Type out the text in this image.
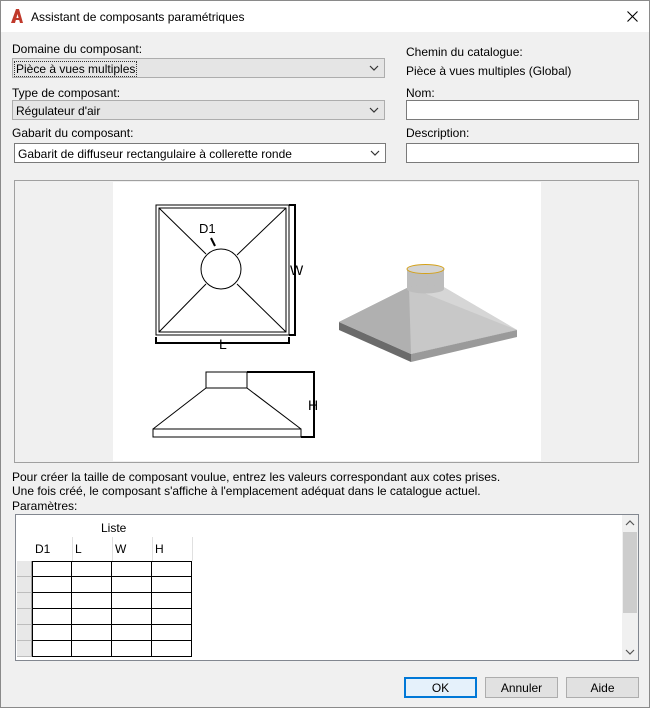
Assistant de composants paramétriques
Domaine du composant:
Pièce à vues multiples
Type de composant:
Régulateur d'air
Gabarit du composant:
Gabarit de diffuseur rectangulaire à collerette ronde
Chemin du catalogue:
Pièce à vues multiples (Global)
Nom:
Description:
D1
W
L
H
Pour créer la taille de composant voulue, entrez les valeurs correspondant aux cotes prises.
Une fois créé, le composant s'affiche à l'emplacement adéquat dans le catalogue actuel.
Paramètres:
Liste
D1 L	W H
OK	Annuler	Aide
